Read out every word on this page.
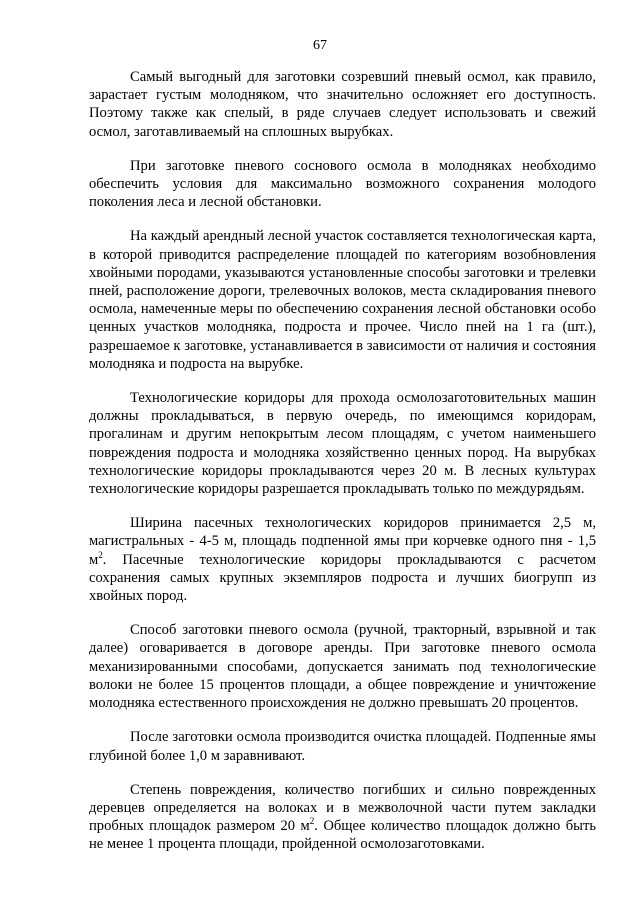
67

Самый выгодный для заготовки созревший пневый осмол, как правило, зарастает густым молодняком, что значительно осложняет его доступность. Поэтому также как спелый, в ряде случаев следует использовать и свежий осмол, заготавливаемый на сплошных вырубках.

При заготовке пневого соснового осмола в молодняках необходимо обеспечить условия для максимально возможного сохранения молодого поколения леса и лесной обстановки.

На каждый арендный лесной участок составляется технологическая карта, в которой приводится распределение площадей по категориям возобновления хвойными породами, указываются установленные способы заготовки и трелевки пней, расположение дороги, трелевочных волоков, места складирования пневого осмола, намеченные меры по обеспечению сохранения лесной обстановки особо ценных участков молодняка, подроста и прочее. Число пней на 1 га (шт.), разрешаемое к заготовке, устанавливается в зависимости от наличия и состояния молодняка и подроста на вырубке.

Технологические коридоры для прохода осмолозаготовительных машин должны прокладываться, в первую очередь, по имеющимся коридорам, прогалинам и другим непокрытым лесом площадям, с учетом наименьшего повреждения подроста и молодняка хозяйственно ценных пород. На вырубках технологические коридоры прокладываются через 20 м. В лесных культурах технологические коридоры разрешается прокладывать только по междурядьям.

Ширина пасечных технологических коридоров принимается 2,5 м, магистральных - 4-5 м, площадь подпенной ямы при корчевке одного пня - 1,5 $м^2$. Пасечные технологические коридоры прокладываются с расчетом сохранения самых крупных экземпляров подроста и лучших биогрупп из хвойных пород.

Способ заготовки пневого осмола (ручной, тракторный, взрывной и так далее) оговаривается в договоре аренды. При заготовке пневого осмола механизированными способами, допускается занимать под технологические волоки не более 15 процентов площади, а общее повреждение и уничтожение молодняка естественного происхождения не должно превышать 20 процентов.

После заготовки осмола производится очистка площадей. Подпенные ямы глубиной более 1,0 м заравнивают.

Степень повреждения, количество погибших и сильно поврежденных деревцев определяется на волоках и в межволочной части путем закладки пробных площадок размером 20 $м^2$. Общее количество площадок должно быть не менее 1 процента площади, пройденной осмолозаготовками.
